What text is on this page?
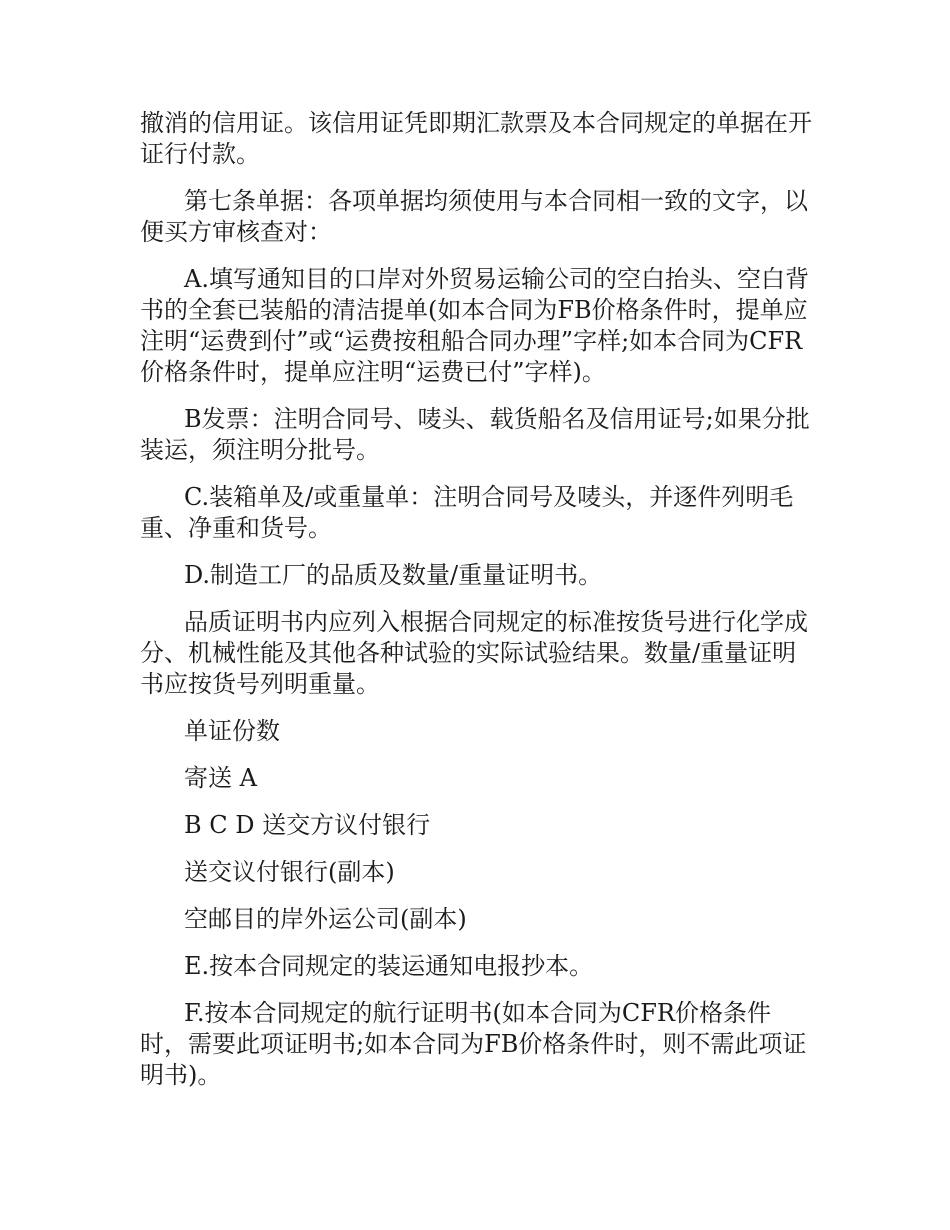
撤消的信用证。该信用证凭即期汇款票及本合同规定的单据在开证行付款。

第七条单据：各项单据均须使用与本合同相一致的文字，以便买方审核查对：

A.填写通知目的口岸对外贸易运输公司的空白抬头、空白背书的全套已装船的清洁提单(如本合同为FB价格条件时，提单应注明“运费到付”或“运费按租船合同办理”字样;如本合同为CFR价格条件时，提单应注明“运费已付”字样)。

B发票：注明合同号、唛头、载货船名及信用证号;如果分批装运，须注明分批号。

C.装箱单及/或重量单：注明合同号及唛头，并逐件列明毛重、净重和货号。

D.制造工厂的品质及数量/重量证明书。

品质证明书内应列入根据合同规定的标准按货号进行化学成分、机械性能及其他各种试验的实际试验结果。数量/重量证明书应按货号列明重量。

单证份数

寄送 A

B C D 送交方议付银行

送交议付银行(副本)

空邮目的岸外运公司(副本)

E.按本合同规定的装运通知电报抄本。

F.按本合同规定的航行证明书(如本合同为CFR价格条件时，需要此项证明书;如本合同为FB价格条件时，则不需此项证明书)。
